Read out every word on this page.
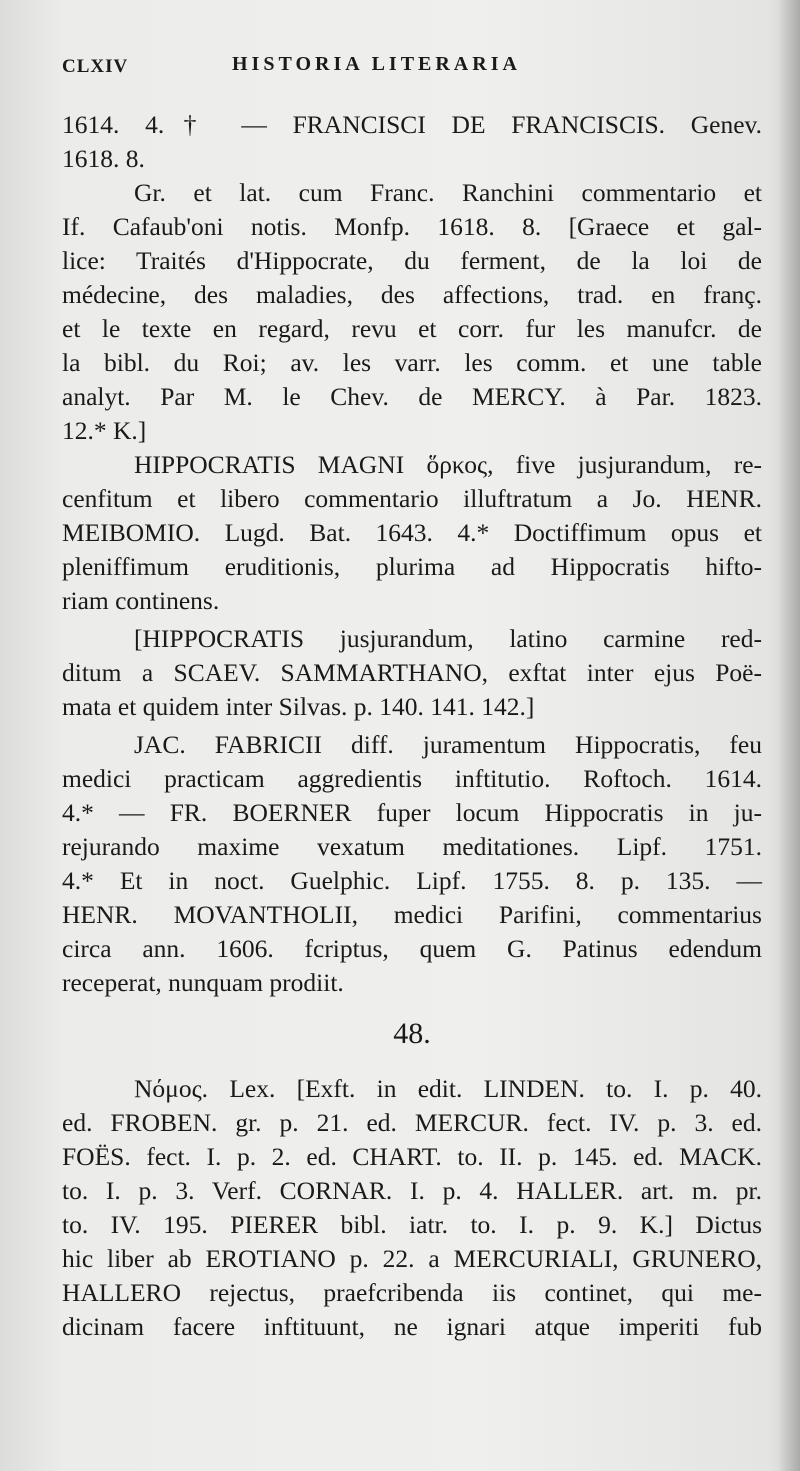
CLXIV	HISTORIA LITERARIA
1614. 4.† — FRANCISCI DE FRANCISCIS. Genev.
1618. 8.
Gr. et lat. cum Franc. Ranchini commentario et
If. Cafaub'oni notis. Monfp. 1618. 8. [Graece et gal-
lice: Traités d'Hippocrate, du ferment, de la loi de
médecine, des maladies, des affections, trad. en franç.
et le texte en regard, revu et corr. fur les manufcr. de
la bibl. du Roi; av. les varr. les comm. et une table
analyt. Par M. le Chev. de MERCY. à Par. 1823.
12.* K.]
HIPPOCRATIS MAGNI ὅρκος, five jusjurandum, re-
cenfitum et libero commentario illuftratum a Jo. HENR.
MEIBOMIO. Lugd. Bat. 1643. 4.* Doctiffimum opus et
pleniffimum eruditionis, plurima ad Hippocratis hifto-
riam continens.
[HIPPOCRATIS jusjurandum, latino carmine red-
ditum a SCAEV. SAMMARTHANO, exftat inter ejus Poë-
mata et quidem inter Silvas. p. 140. 141. 142.]
JAC. FABRICII diff. juramentum Hippocratis, feu
medici practicam aggredientis inftitutio. Roftoch. 1614.
4.* — FR. BOERNER fuper locum Hippocratis in ju-
rejurando maxime vexatum meditationes. Lipf. 1751.
4.* Et in noct. Guelphic. Lipf. 1755. 8. p. 135. —
HENR. MOVANTHOLII, medici Parifini, commentarius
circa ann. 1606. fcriptus, quem G. Patinus edendum
receperat, nunquam prodiit.
48.
Νόμος. Lex. [Exft. in edit. LINDEN. to. I. p. 40.
ed. FROBEN. gr. p. 21. ed. MERCUR. fect. IV. p. 3. ed.
FOËS. fect. I. p. 2. ed. CHART. to. II. p. 145. ed. MACK.
to. I. p. 3. Verf. CORNAR. I. p. 4. HALLER. art. m. pr.
to. IV. 195. PIERER bibl. iatr. to. I. p. 9. K.] Dictus
hic liber ab EROTIANO p. 22. a MERCURIALI, GRUNERO,
HALLERO rejectus, praefcribenda iis continet, qui me-
dicinam facere inftituunt, ne ignari atque imperiti fub
